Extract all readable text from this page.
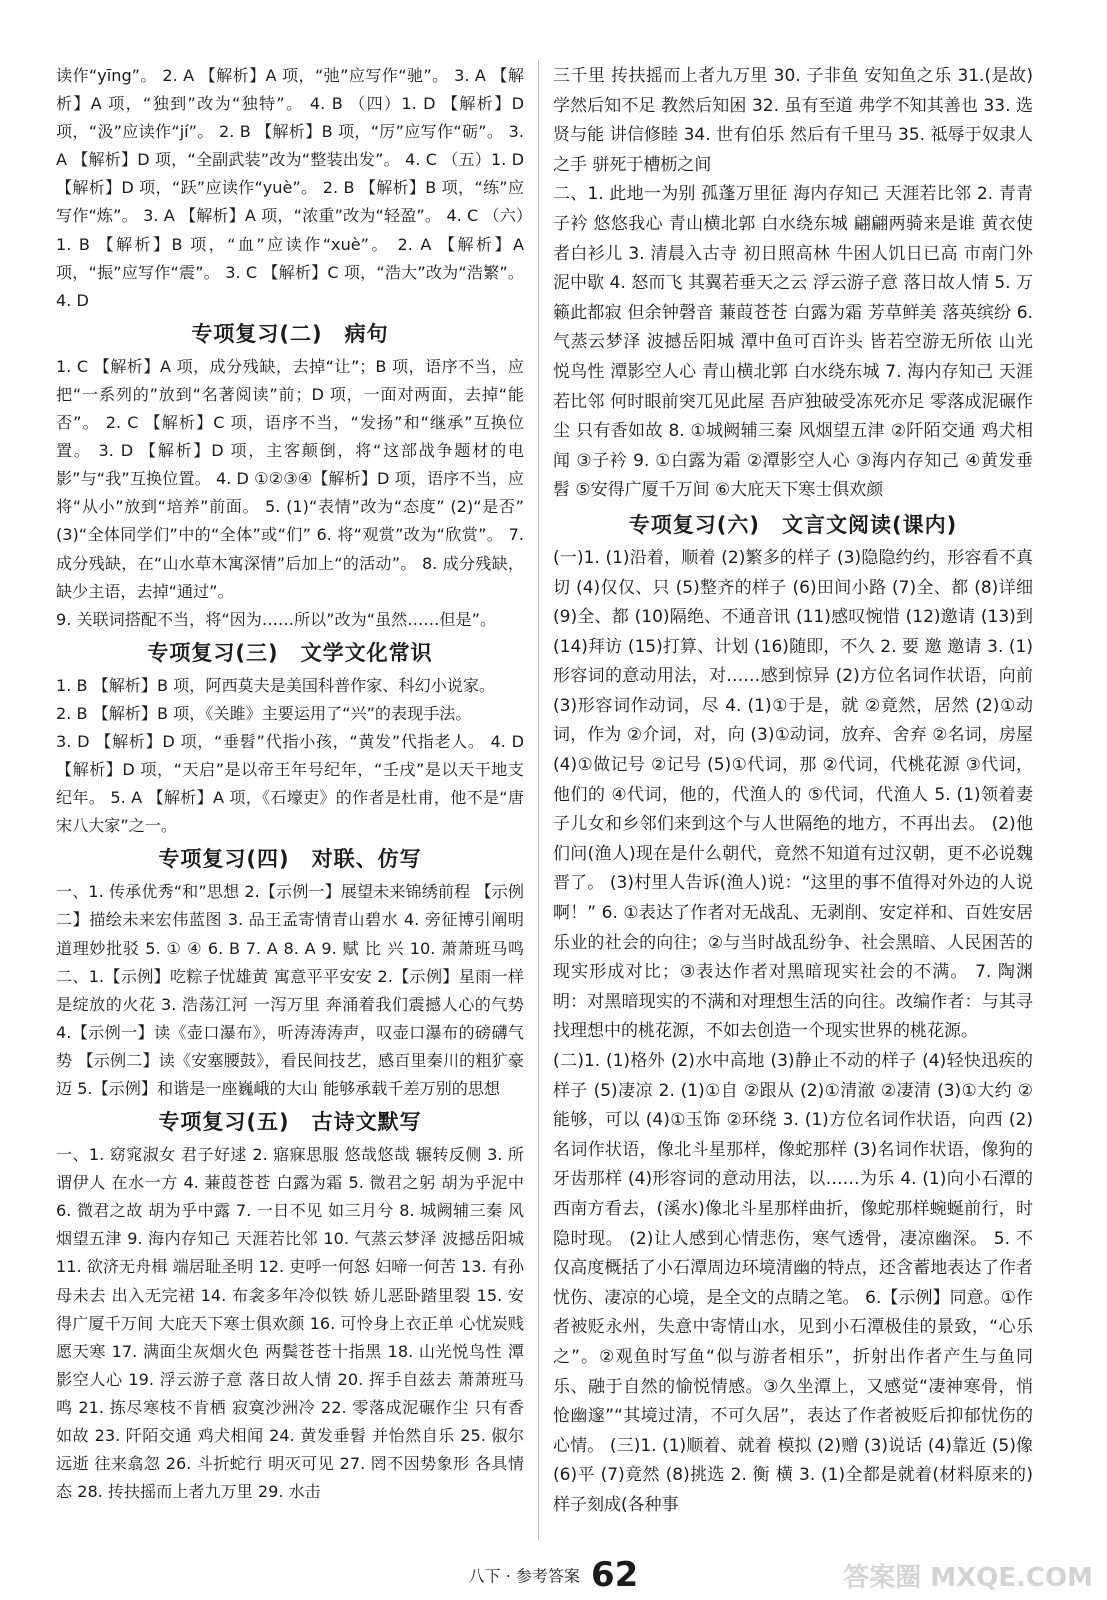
读作“yīng”。 2. A 【解析】A 项，“弛”应写作“驰”。 3. A 【解析】A 项，“独到”改为“独特”。 4. B （四）1. D 【解析】D 项，“汲”应读作“jí”。 2. B 【解析】B 项，“厉”应写作“砺”。 3. A 【解析】D 项，“全副武装”改为“整装出发”。 4. C （五）1. D 【解析】D 项，“跃”应读作“yuè”。 2. B 【解析】B 项，“练”应写作“炼”。 3. A 【解析】A 项，“浓重”改为“轻盈”。 4. C （六）1. B 【解析】B 项，“血”应读作“xuè”。 2. A 【解析】A 项，“振”应写作“震”。 3. C 【解析】C 项，“浩大”改为“浩繁”。 4. D

专项复习(二)　病句

1. C 【解析】A 项，成分残缺，去掉“让”；B 项，语序不当，应把“一系列的”放到“名著阅读”前；D 项，一面对两面，去掉“能否”。 2. C 【解析】C 项，语序不当，“发扬”和“继承”互换位置。 3. D 【解析】D 项，主客颠倒，将“这部战争题材的电影”与“我”互换位置。 4. D ①②③④【解析】D 项，语序不当，应将“从小”放到“培养”前面。 5. (1)“表情”改为“态度” (2)“是否” (3)“全体同学们”中的“全体”或“们” 6. 将“观赏”改为“欣赏”。 7. 成分残缺，在“山水草木寓深情”后加上“的活动”。 8. 成分残缺，缺少主语，去掉“通过”。

9. 关联词搭配不当，将“因为……所以”改为“虽然……但是”。

专项复习(三)　文学文化常识

1. B 【解析】B 项，阿西莫夫是美国科普作家、科幻小说家。

2. B 【解析】B 项，《关雎》主要运用了“兴”的表现手法。

3. D 【解析】D 项，“垂髫”代指小孩，“黄发”代指老人。 4. D 【解析】D 项，“天启”是以帝王年号纪年，“壬戌”是以天干地支纪年。 5. A 【解析】A 项，《石壕吏》的作者是杜甫，他不是“唐宋八大家”之一。

专项复习(四)　对联、仿写

一、1. 传承优秀“和”思想 2.【示例一】展望未来锦绣前程 【示例二】描绘未来宏伟蓝图 3. 品王孟寄情青山碧水 4. 旁征博引阐明道理妙批驳 5. ① ④ 6. B 7. A 8. A 9. 赋 比 兴 10. 萧萧班马鸣 二、1.【示例】吃粽子忧雄黄 寓意平平安安 2.【示例】星雨一样 是绽放的火花 3. 浩荡江河 一泻万里 奔涌着我们震撼人心的气势 4.【示例一】读《壶口瀑布》，听涛涛涛声，叹壶口瀑布的磅礴气势 【示例二】读《安塞腰鼓》，看民间技艺，感百里秦川的粗犷豪迈 5.【示例】和谐是一座巍峨的大山 能够承载千差万别的思想

专项复习(五)　古诗文默写

一、1. 窈窕淑女 君子好逑 2. 寤寐思服 悠哉悠哉 辗转反侧 3. 所谓伊人 在水一方 4. 蒹葭苍苍 白露为霜 5. 微君之躬 胡为乎泥中 6. 微君之故 胡为乎中露 7. 一日不见 如三月兮 8. 城阙辅三秦 风烟望五津 9. 海内存知己 天涯若比邻 10. 气蒸云梦泽 波撼岳阳城 11. 欲济无舟楫 端居耻圣明 12. 吏呼一何怒 妇啼一何苦 13. 有孙母未去 出入无完裙 14. 布衾多年冷似铁 娇儿恶卧踏里裂 15. 安得广厦千万间 大庇天下寒士俱欢颜 16. 可怜身上衣正单 心忧炭贱愿天寒 17. 满面尘灰烟火色 两鬓苍苍十指黑 18. 山光悦鸟性 潭影空人心 19. 浮云游子意 落日故人情 20. 挥手自兹去 萧萧班马鸣 21. 拣尽寒枝不肯栖 寂寞沙洲冷 22. 零落成泥碾作尘 只有香如故 23. 阡陌交通 鸡犬相闻 24. 黄发垂髫 并怡然自乐 25. 俶尔远逝 往来翕忽 26. 斗折蛇行 明灭可见 27. 罔不因势象形 各具情态 28. 抟扶摇而上者九万里 29. 水击

三千里 抟扶摇而上者九万里 30. 子非鱼 安知鱼之乐 31.(是故)学然后知不足 教然后知困 32. 虽有至道 弗学不知其善也 33. 选贤与能 讲信修睦 34. 世有伯乐 然后有千里马 35. 祗辱于奴隶人之手 骈死于槽枥之间

二、1. 此地一为别 孤蓬万里征 海内存知己 天涯若比邻 2. 青青子衿 悠悠我心 青山横北郭 白水绕东城 翩翩两骑来是谁 黄衣使者白衫儿 3. 清晨入古寺 初日照高林 牛困人饥日已高 市南门外泥中歇 4. 怒而飞 其翼若垂天之云 浮云游子意 落日故人情 5. 万籁此都寂 但余钟磬音 蒹葭苍苍 白露为霜 芳草鲜美 落英缤纷 6. 气蒸云梦泽 波撼岳阳城 潭中鱼可百许头 皆若空游无所依 山光悦鸟性 潭影空人心 青山横北郭 白水绕东城 7. 海内存知己 天涯若比邻 何时眼前突兀见此屋 吾庐独破受冻死亦足 零落成泥碾作尘 只有香如故 8. ①城阙辅三秦 风烟望五津 ②阡陌交通 鸡犬相闻 ③子衿 9. ①白露为霜 ②潭影空人心 ③海内存知己 ④黄发垂髫 ⑤安得广厦千万间 ⑥大庇天下寒士俱欢颜

专项复习(六)　文言文阅读(课内)

(一)1. (1)沿着，顺着 (2)繁多的样子 (3)隐隐约约，形容看不真切 (4)仅仅、只 (5)整齐的样子 (6)田间小路 (7)全、都 (8)详细 (9)全、都 (10)隔绝、不通音讯 (11)感叹惋惜 (12)邀请 (13)到 (14)拜访 (15)打算、计划 (16)随即，不久 2. 要 邀 邀请 3. (1)形容词的意动用法，对……感到惊异 (2)方位名词作状语，向前 (3)形容词作动词，尽 4. (1)①于是，就 ②竟然，居然 (2)①动词，作为 ②介词，对，向 (3)①动词，放弃、舍弃 ②名词，房屋 (4)①做记号 ②记号 (5)①代词，那 ②代词，代桃花源 ③代词，他们的 ④代词，他的，代渔人的 ⑤代词，代渔人 5. (1)领着妻子儿女和乡邻们来到这个与人世隔绝的地方，不再出去。 (2)他们问(渔人)现在是什么朝代，竟然不知道有过汉朝，更不必说魏晋了。 (3)村里人告诉(渔人)说：“这里的事不值得对外边的人说啊！” 6. ①表达了作者对无战乱、无剥削、安定祥和、百姓安居乐业的社会的向往；②与当时战乱纷争、社会黑暗、人民困苦的现实形成对比；③表达作者对黑暗现实社会的不满。 7. 陶渊明：对黑暗现实的不满和对理想生活的向往。改编作者：与其寻找理想中的桃花源，不如去创造一个现实世界的桃花源。

(二)1. (1)格外 (2)水中高地 (3)静止不动的样子 (4)轻快迅疾的样子 (5)凄凉 2. (1)①自 ②跟从 (2)①清澈 ②凄清 (3)①大约 ②能够，可以 (4)①玉饰 ②环绕 3. (1)方位名词作状语，向西 (2)名词作状语，像北斗星那样，像蛇那样 (3)名词作状语，像狗的牙齿那样 (4)形容词的意动用法，以……为乐 4. (1)向小石潭的西南方看去，(溪水)像北斗星那样曲折，像蛇那样蜿蜒前行，时隐时现。 (2)让人感到心情悲伤，寒气透骨，凄凉幽深。 5. 不仅高度概括了小石潭周边环境清幽的特点，还含蓄地表达了作者忧伤、凄凉的心境，是全文的点睛之笔。 6.【示例】同意。①作者被贬永州，失意中寄情山水，见到小石潭极佳的景致，“心乐之”。②观鱼时写鱼“似与游者相乐”，折射出作者产生与鱼同乐、融于自然的愉悦情感。③久坐潭上，又感觉“凄神寒骨，悄怆幽邃”“其境过清，不可久居”，表达了作者被贬后抑郁忧伤的心情。 (三)1. (1)顺着、就着 模拟 (2)赠 (3)说话 (4)靠近 (5)像 (6)平 (7)竟然 (8)挑选 2. 衡 横 3. (1)全都是就着(材料原来的)样子刻成(各种事

八下 · 参考答案 62	答案圈 MXQE.COM
